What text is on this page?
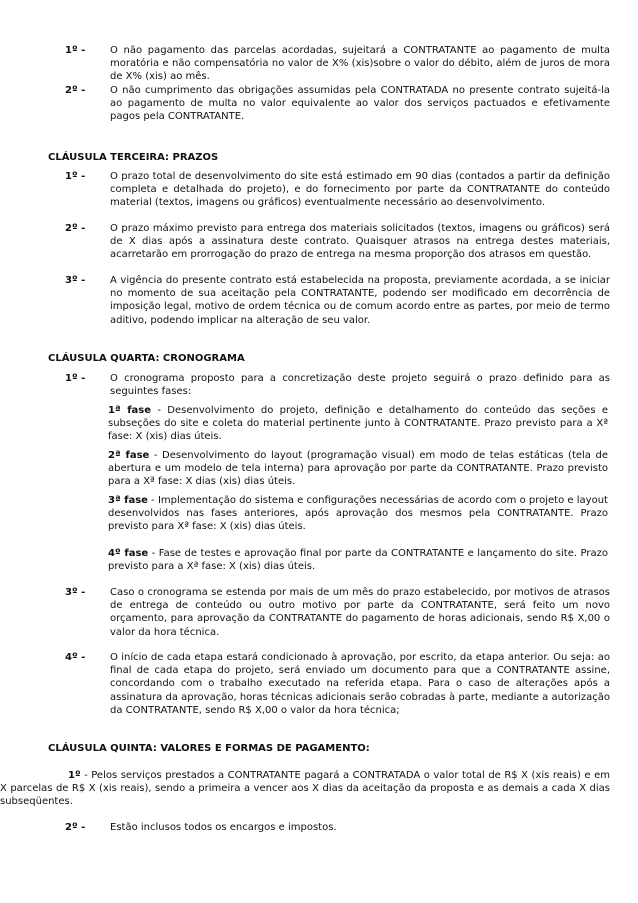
1º - O não pagamento das parcelas acordadas, sujeitará a CONTRATANTE ao pagamento de multa moratória e não compensatória no valor de X% (xis)sobre o valor do débito, além de juros de mora de X% (xis) ao mês.
2º - O não cumprimento das obrigações assumidas pela CONTRATADA no presente contrato sujeitá-la ao pagamento de multa no valor equivalente ao valor dos serviços pactuados e efetivamente pagos pela CONTRATANTE.
CLÁUSULA TERCEIRA: PRAZOS
1º - O prazo total de desenvolvimento do site está estimado em 90 dias (contados a partir da definição completa e detalhada do projeto), e do fornecimento por parte da CONTRATANTE do conteúdo material (textos, imagens ou gráficos) eventualmente necessário ao desenvolvimento.
2º - O prazo máximo previsto para entrega dos materiais solicitados (textos, imagens ou gráficos) será de X dias após a assinatura deste contrato. Quaisquer atrasos na entrega destes materiais, acarretarão em prorrogação do prazo de entrega na mesma proporção dos atrasos em questão.
3º - A vigência do presente contrato está estabelecida na proposta, previamente acordada, a se iniciar no momento de sua aceitação pela CONTRATANTE, podendo ser modificado em decorrência de imposição legal, motivo de ordem técnica ou de comum acordo entre as partes, por meio de termo aditivo, podendo implicar na alteração de seu valor.
CLÁUSULA QUARTA: CRONOGRAMA
1º - O cronograma proposto para a concretização deste projeto seguirá o prazo definido para as seguintes fases:
1ª fase - Desenvolvimento do projeto, definição e detalhamento do conteúdo das seções e subseções do site e coleta do material pertinente junto à CONTRATANTE. Prazo previsto para a Xª fase: X (xis) dias úteis.
2ª fase - Desenvolvimento do layout (programação visual) em modo de telas estáticas (tela de abertura e um modelo de tela interna) para aprovação por parte da CONTRATANTE. Prazo previsto para a Xª fase: X dias (xis) dias úteis.
3ª fase - Implementação do sistema e configurações necessárias de acordo com o projeto e layout desenvolvidos nas fases anteriores, após aprovação dos mesmos pela CONTRATANTE. Prazo previsto para Xª fase: X (xis) dias úteis.
4º fase - Fase de testes e aprovação final por parte da CONTRATANTE e lançamento do site. Prazo previsto para a Xª fase: X (xis) dias úteis.
3º - Caso o cronograma se estenda por mais de um mês do prazo estabelecido, por motivos de atrasos de entrega de conteúdo ou outro motivo por parte da CONTRATANTE, será feito um novo orçamento, para aprovação da CONTRATANTE do pagamento de horas adicionais, sendo R$ X,00 o valor da hora técnica.
4º - O início de cada etapa estará condicionado à aprovação, por escrito, da etapa anterior. Ou seja: ao final de cada etapa do projeto, será enviado um documento para que a CONTRATANTE assine, concordando com o trabalho executado na referida etapa. Para o caso de alterações após a assinatura da aprovação, horas técnicas adicionais serão cobradas à parte, mediante a autorização da CONTRATANTE, sendo R$ X,00 o valor da hora técnica;
CLÁUSULA QUINTA: VALORES E FORMAS DE PAGAMENTO:
1º - Pelos serviços prestados a CONTRATANTE pagará a CONTRATADA o valor total de R$ X (xis reais) e em X parcelas de R$ X (xis reais), sendo a primeira a vencer aos X dias da aceitação da proposta e as demais a cada X dias subseqüentes.
2º - Estão inclusos todos os encargos e impostos.
